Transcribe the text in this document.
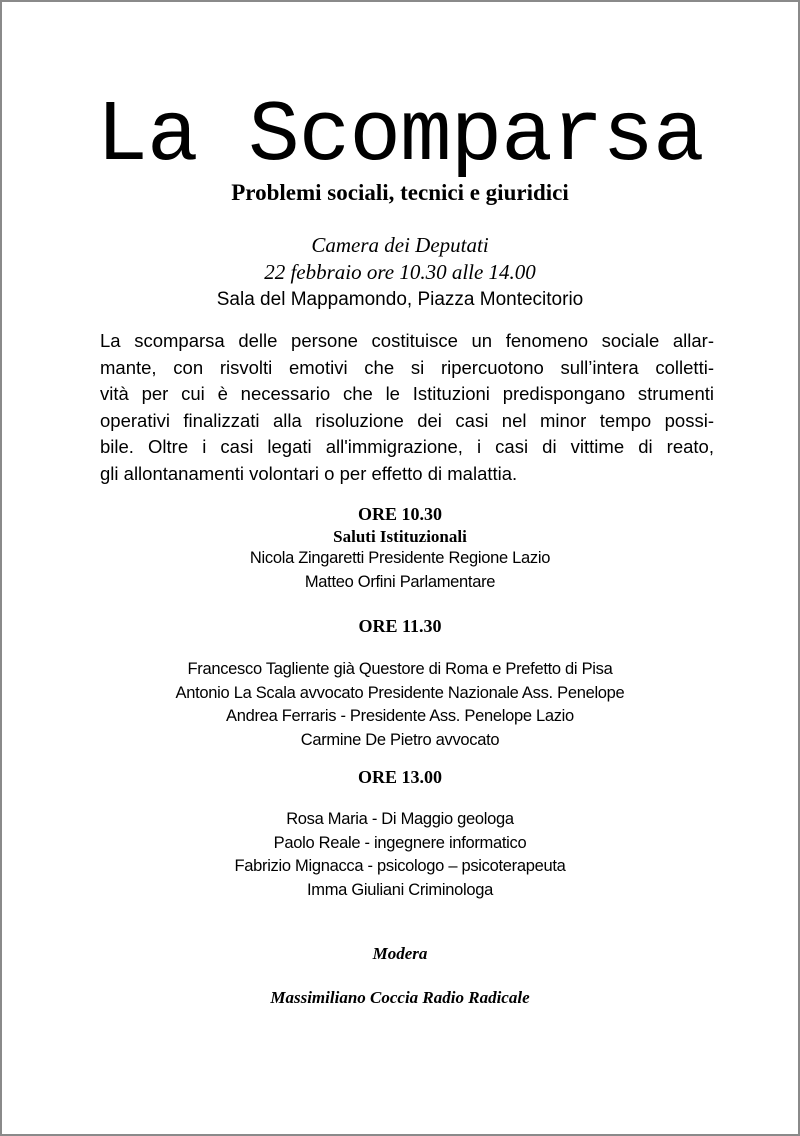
La Scomparsa
Problemi sociali, tecnici e giuridici
Camera dei Deputati
22 febbraio ore 10.30 alle 14.00
Sala del Mappamondo, Piazza Montecitorio
La scomparsa delle persone costituisce un fenomeno sociale allar-
mante, con risvolti emotivi che si ripercuotono sull’intera colletti-
vità per cui è necessario che le Istituzioni predispongano strumenti
operativi finalizzati alla risoluzione dei casi nel minor tempo possi-
bile. Oltre i casi legati all'immigrazione, i casi di vittime di reato,
gli allontanamenti volontari o per effetto di malattia.
ORE 10.30
Saluti Istituzionali
Nicola Zingaretti Presidente Regione Lazio
Matteo Orfini Parlamentare
ORE 11.30
Francesco Tagliente già Questore di Roma e Prefetto di Pisa
Antonio La Scala avvocato Presidente Nazionale Ass. Penelope
Andrea Ferraris - Presidente Ass. Penelope Lazio
Carmine De Pietro avvocato
ORE 13.00
Rosa Maria - Di Maggio geologa
Paolo Reale - ingegnere informatico
Fabrizio Mignacca - psicologo – psicoterapeuta
Imma Giuliani Criminologa
Modera
Massimiliano Coccia Radio Radicale
